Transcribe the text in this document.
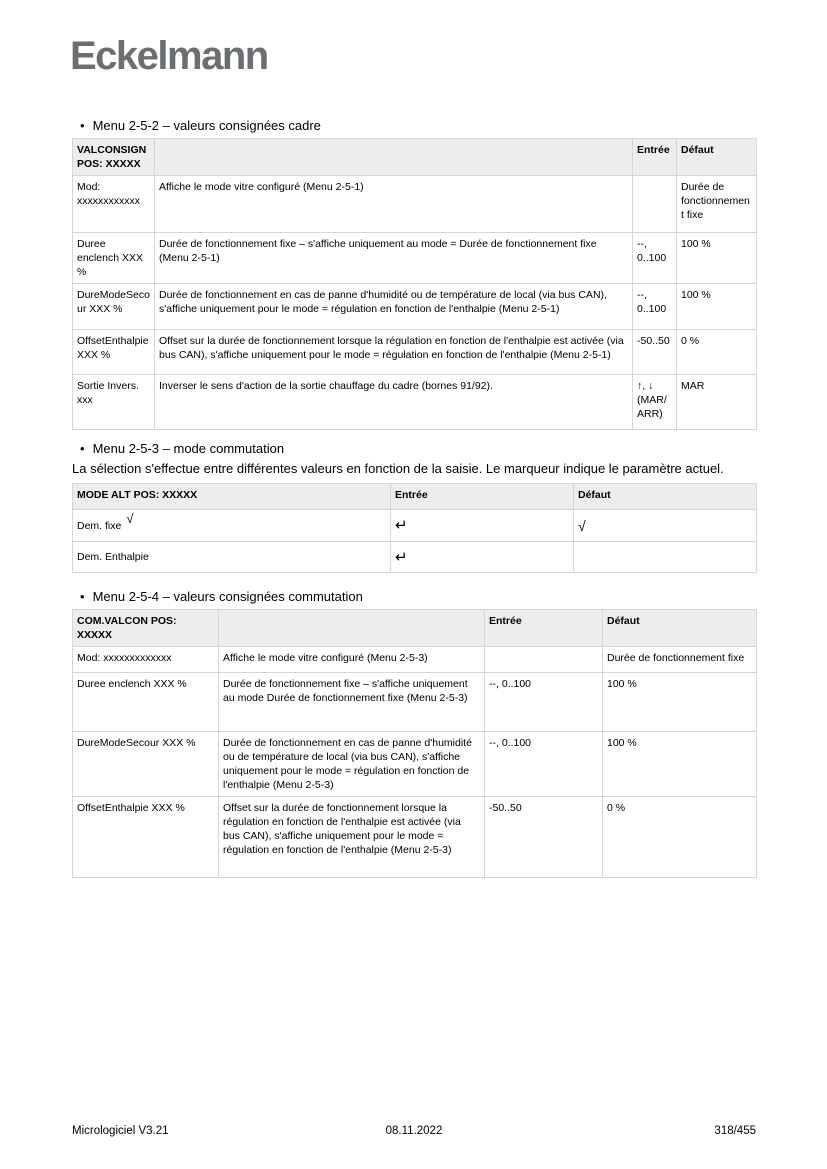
Eckelmann
• Menu 2-5-2 – valeurs consignées cadre
VALCONSIGN POS: XXXXX		Entrée	Défaut
Mod: xxxxxxxxxxxx	Affiche le mode vitre configuré (Menu 2-5-1)		Durée de fonctionnement fixe
Duree enclench XXX %	Durée de fonctionnement fixe – s'affiche uniquement au mode = Durée de fonctionnement fixe (Menu 2-5-1)	--, 0..100	100 %
DureModeSecour XXX %	Durée de fonctionnement en cas de panne d'humidité ou de température de local (via bus CAN), s'affiche uniquement pour le mode = régulation en fonction de l'enthalpie (Menu 2-5-1)	--, 0..100	100 %
OffsetEnthalpie XXX %	Offset sur la durée de fonctionnement lorsque la régulation en fonction de l'enthalpie est activée (via bus CAN), s'affiche uniquement pour le mode = régulation en fonction de l'enthalpie (Menu 2-5-1)	-50..50	0 %
Sortie Invers. xxx	Inverser le sens d'action de la sortie chauffage du cadre (bornes 91/92).	↑, ↓ (MAR/ARR)	MAR
• Menu 2-5-3 – mode commutation
La sélection s'effectue entre différentes valeurs en fonction de la saisie. Le marqueur indique le paramètre actuel.
MODE ALT POS: XXXXX	Entrée	Défaut
Dem. fixe √	↵	√
Dem. Enthalpie	↵	
• Menu 2-5-4 – valeurs consignées commutation
COM.VALCON POS: XXXXX		Entrée	Défaut
Mod: xxxxxxxxxxxxx	Affiche le mode vitre configuré (Menu 2-5-3)		Durée de fonctionnement fixe
Duree enclench XXX %	Durée de fonctionnement fixe – s'affiche uniquement au mode Durée de fonctionnement fixe (Menu 2-5-3)	--, 0..100	100 %
DureModeSecour XXX %	Durée de fonctionnement en cas de panne d'humidité ou de température de local (via bus CAN), s'affiche uniquement pour le mode = régulation en fonction de l'enthalpie (Menu 2-5-3)	--, 0..100	100 %
OffsetEnthalpie XXX %	Offset sur la durée de fonctionnement lorsque la régulation en fonction de l'enthalpie est activée (via bus CAN), s'affiche uniquement pour le mode = régulation en fonction de l'enthalpie (Menu 2-5-3)	-50..50	0 %
Micrologiciel V3.21	08.11.2022	318/455
